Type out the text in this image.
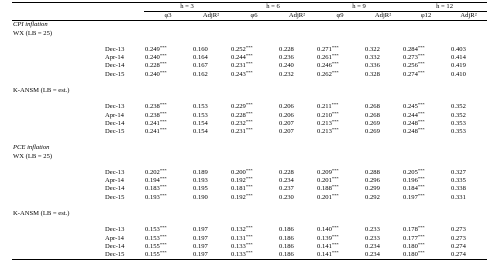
		h = 3		h = 6		h = 9		h = 12	
		φ3	AdjR²	φ6	AdjR²	φ9	AdjR²	φ12	AdjR²
CPI inflation									
WX (LB = 25)									

	Dec-13	0.249***	0.160	0.252***	0.228	0.271***	0.322	0.284***	0.403
	Apr-14	0.240***	0.164	0.244***	0.236	0.261***	0.332	0.273***	0.414
	Dec-14	0.228***	0.167	0.231***	0.240	0.246***	0.336	0.256***	0.419
	Dec-15	0.240***	0.162	0.243***	0.232	0.262***	0.328	0.274***	0.410

K-ANSM (LB = est.)									

	Dec-13	0.238***	0.153	0.229***	0.206	0.211***	0.268	0.245***	0.352
	Apr-14	0.238***	0.153	0.228***	0.206	0.210***	0.268	0.244***	0.352
	Dec-14	0.241***	0.154	0.232***	0.207	0.213***	0.269	0.248***	0.353
	Dec-15	0.241***	0.154	0.231***	0.207	0.213***	0.269	0.248***	0.353

PCE inflation									
WX (LB = 25)									

	Dec-13	0.202***	0.189	0.200***	0.228	0.209***	0.288	0.205***	0.327
	Apr-14	0.194***	0.193	0.192***	0.234	0.201***	0.296	0.196***	0.335
	Dec-14	0.183***	0.195	0.181***	0.237	0.188***	0.299	0.184***	0.338
	Dec-15	0.193***	0.190	0.192***	0.230	0.201***	0.292	0.197***	0.331

K-ANSM (LB = est.)									

	Dec-13	0.153***	0.197	0.132***	0.186	0.140***	0.233	0.178***	0.273
	Apr-14	0.153***	0.197	0.131***	0.186	0.139***	0.233	0.177***	0.273
	Dec-14	0.155***	0.197	0.133***	0.186	0.141***	0.234	0.180***	0.274
	Dec-15	0.155***	0.197	0.133***	0.186	0.141***	0.234	0.180***	0.274
